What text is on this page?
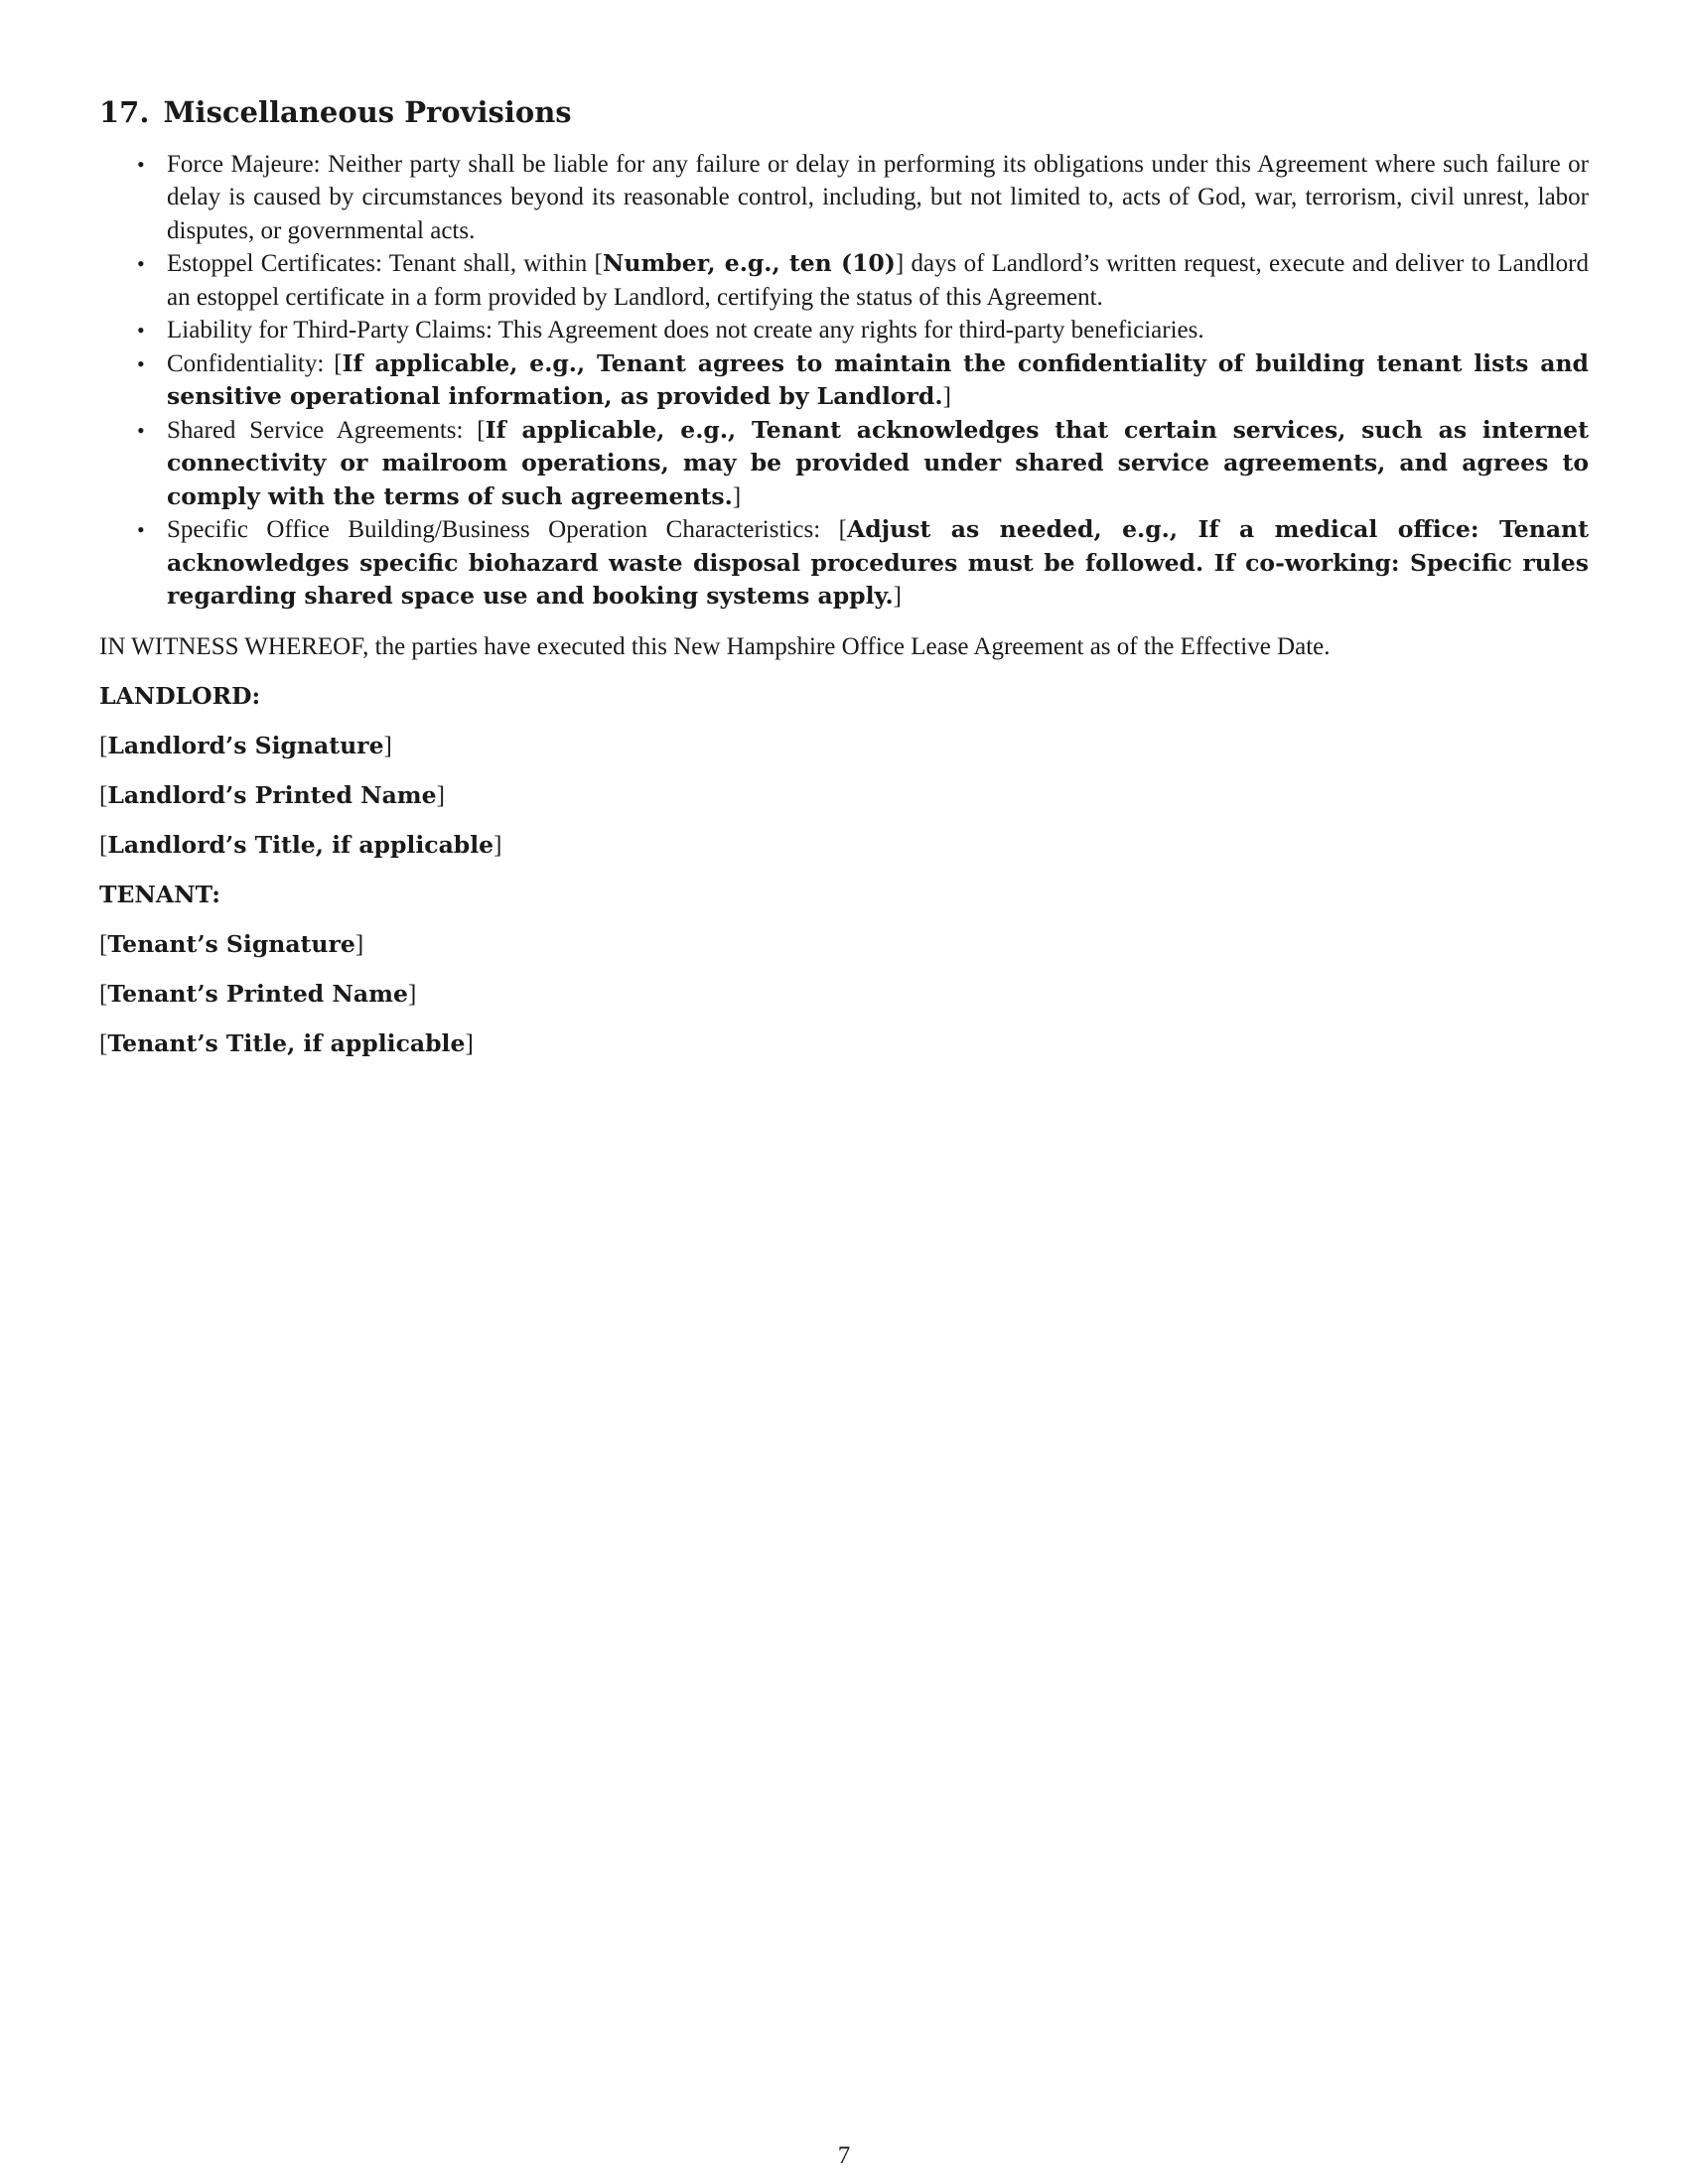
17. Miscellaneous Provisions
• Force Majeure: Neither party shall be liable for any failure or delay in performing its obligations under this Agreement where such failure or delay is caused by circumstances beyond its reasonable control, including, but not limited to, acts of God, war, terrorism, civil unrest, labor disputes, or governmental acts.
• Estoppel Certificates: Tenant shall, within [Number, e.g., ten (10)] days of Landlord’s written request, execute and deliver to Landlord an estoppel certificate in a form provided by Landlord, certifying the status of this Agreement.
• Liability for Third-Party Claims: This Agreement does not create any rights for third-party beneficiaries.
• Confidentiality: [If applicable, e.g., Tenant agrees to maintain the confidentiality of building tenant lists and sensitive operational information, as provided by Landlord.]
• Shared Service Agreements: [If applicable, e.g., Tenant acknowledges that certain services, such as internet connectivity or mailroom operations, may be provided under shared service agreements, and agrees to comply with the terms of such agreements.]
• Specific Office Building/Business Operation Characteristics: [Adjust as needed, e.g., If a medical office: Tenant acknowledges specific biohazard waste disposal procedures must be followed. If co-working: Specific rules regarding shared space use and booking systems apply.]

IN WITNESS WHEREOF, the parties have executed this New Hampshire Office Lease Agreement as of the Effective Date.

LANDLORD:
[Landlord’s Signature]
[Landlord’s Printed Name]
[Landlord’s Title, if applicable]
TENANT:
[Tenant’s Signature]
[Tenant’s Printed Name]
[Tenant’s Title, if applicable]
7
